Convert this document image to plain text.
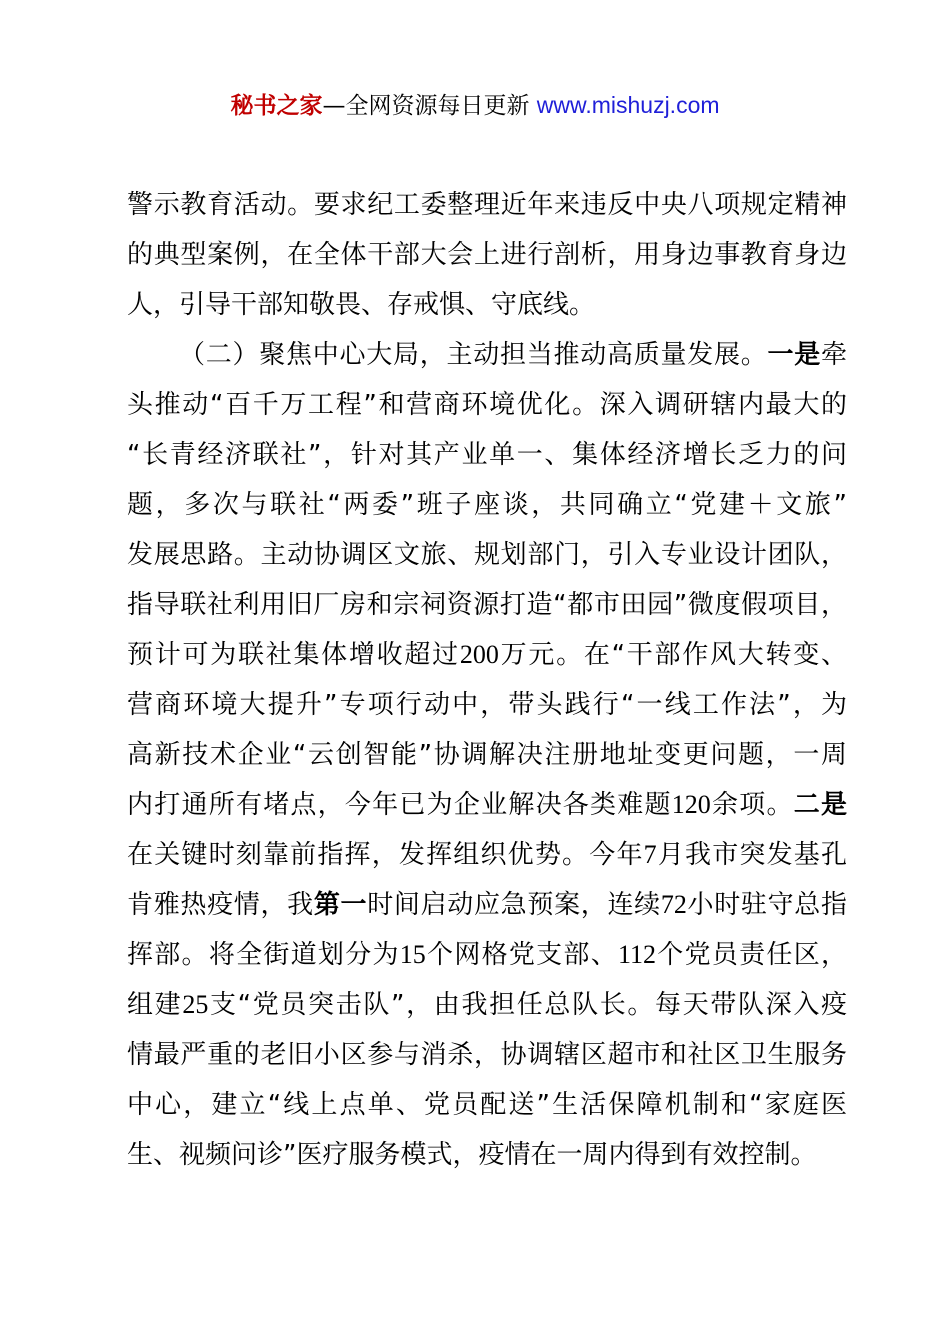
秘书之家—全网资源每日更新 www.mishuzj.com
警示教育活动。要求纪工委整理近年来违反中央八项规定精神
的典型案例，在全体干部大会上进行剖析，用身边事教育身边
人，引导干部知敬畏、存戒惧、守底线。
（二）聚焦中心大局，主动担当推动高质量发展。一是牵
头推动“百千万工程”和营商环境优化。深入调研辖内最大的
“长青经济联社”，针对其产业单一、集体经济增长乏力的问
题，多次与联社“两委”班子座谈，共同确立“党建＋文旅”
发展思路。主动协调区文旅、规划部门，引入专业设计团队，
指导联社利用旧厂房和宗祠资源打造“都市田园”微度假项目，
预计可为联社集体增收超过200万元。在“干部作风大转变、
营商环境大提升”专项行动中，带头践行“一线工作法”，为
高新技术企业“云创智能”协调解决注册地址变更问题，一周
内打通所有堵点，今年已为企业解决各类难题120余项。二是
在关键时刻靠前指挥，发挥组织优势。今年7月我市突发基孔
肯雅热疫情，我第一时间启动应急预案，连续72小时驻守总指
挥部。将全街道划分为15个网格党支部、112个党员责任区，
组建25支“党员突击队”，由我担任总队长。每天带队深入疫
情最严重的老旧小区参与消杀，协调辖区超市和社区卫生服务
中心，建立“线上点单、党员配送”生活保障机制和“家庭医
生、视频问诊”医疗服务模式，疫情在一周内得到有效控制。
